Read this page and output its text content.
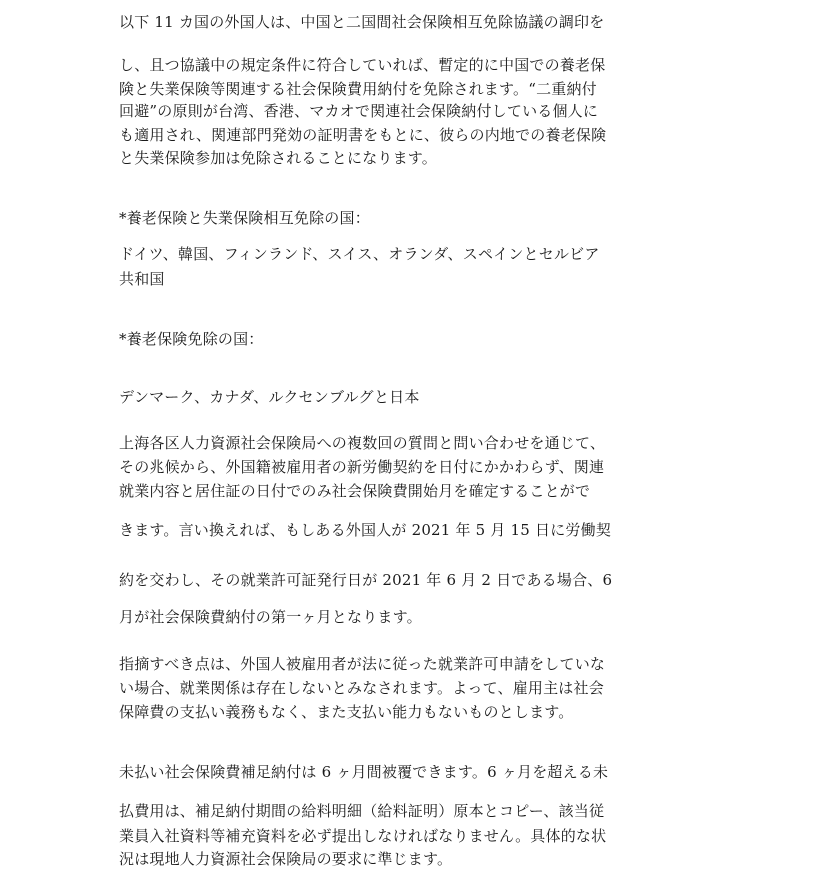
以下 11 カ国の外国人は、中国と二国間社会保険相互免除協議の調印を
し、且つ協議中の規定条件に符合していれば、暫定的に中国での養老保
険と失業保険等関連する社会保険費用納付を免除されます。“二重納付
回避”の原則が台湾、香港、マカオで関連社会保険納付している個人に
も適用され、関連部門発効の証明書をもとに、彼らの内地での養老保険
と失業保険参加は免除されることになります。
*養老保険と失業保険相互免除の国：
ドイツ、韓国、フィンランド、スイス、オランダ、スペインとセルビア
共和国
*養老保険免除の国：
デンマーク、カナダ、ルクセンブルグと日本
上海各区人力資源社会保険局への複数回の質問と問い合わせを通じて、
その兆候から、外国籍被雇用者の新労働契約を日付にかかわらず、関連
就業内容と居住証の日付でのみ社会保険費開始月を確定することがで
きます。言い換えれば、もしある外国人が 2021 年 5 月 15 日に労働契
約を交わし、その就業許可証発行日が 2021 年 6 月 2 日である場合、6
月が社会保険費納付の第一ヶ月となります。
指摘すべき点は、外国人被雇用者が法に従った就業許可申請をしていな
い場合、就業関係は存在しないとみなされます。よって、雇用主は社会
保障費の支払い義務もなく、また支払い能力もないものとします。
未払い社会保険費補足納付は 6 ヶ月間被覆できます。6 ヶ月を超える未
払費用は、補足納付期間の給料明細（給料証明）原本とコピー、該当従
業員入社資料等補充資料を必ず提出しなければなりません。具体的な状
況は現地人力資源社会保険局の要求に準じます。
